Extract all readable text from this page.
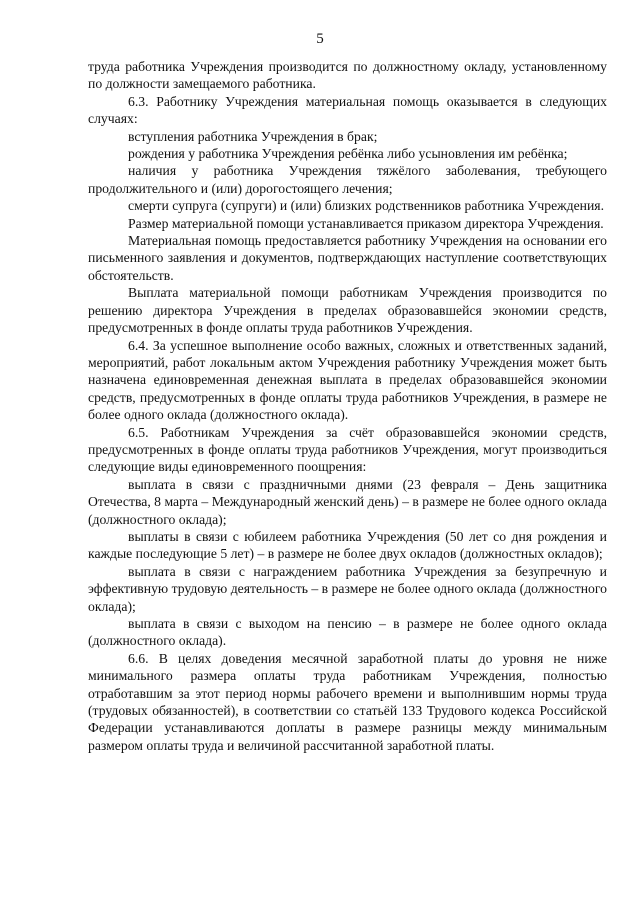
5

труда работника Учреждения производится по должностному окладу, установленному по должности замещаемого работника.

6.3. Работнику Учреждения материальная помощь оказывается в следующих случаях:

вступления работника Учреждения в брак;

рождения у работника Учреждения ребёнка либо усыновления им ребёнка;

наличия у работника Учреждения тяжёлого заболевания, требующего продолжительного и (или) дорогостоящего лечения;

смерти супруга (супруги) и (или) близких родственников работника Учреждения.

Размер материальной помощи устанавливается приказом директора Учреждения.

Материальная помощь предоставляется работнику Учреждения на основании его письменного заявления и документов, подтверждающих наступление соответствующих обстоятельств.

Выплата материальной помощи работникам Учреждения производится по решению директора Учреждения в пределах образовавшейся экономии средств, предусмотренных в фонде оплаты труда работников Учреждения.

6.4. За успешное выполнение особо важных, сложных и ответственных заданий, мероприятий, работ локальным актом Учреждения работнику Учреждения может быть назначена единовременная денежная выплата в пределах образовавшейся экономии средств, предусмотренных в фонде оплаты труда работников Учреждения, в размере не более одного оклада (должностного оклада).

6.5. Работникам Учреждения за счёт образовавшейся экономии средств, предусмотренных в фонде оплаты труда работников Учреждения, могут производиться следующие виды единовременного поощрения:

выплата в связи с праздничными днями (23 февраля – День защитника Отечества, 8 марта – Международный женский день) – в размере не более одного оклада (должностного оклада);

выплаты в связи с юбилеем работника Учреждения (50 лет со дня рождения и каждые последующие 5 лет) – в размере не более двух окладов (должностных окладов);

выплата в связи с награждением работника Учреждения за безупречную и эффективную трудовую деятельность – в размере не более одного оклада (должностного оклада);

выплата в связи с выходом на пенсию – в размере не более одного оклада (должностного оклада).

6.6. В целях доведения месячной заработной платы до уровня не ниже минимального размера оплаты труда работникам Учреждения, полностью отработавшим за этот период нормы рабочего времени и выполнившим нормы труда (трудовых обязанностей), в соответствии со статьёй 133 Трудового кодекса Российской Федерации устанавливаются доплаты в размере разницы между минимальным размером оплаты труда и величиной рассчитанной заработной платы.
